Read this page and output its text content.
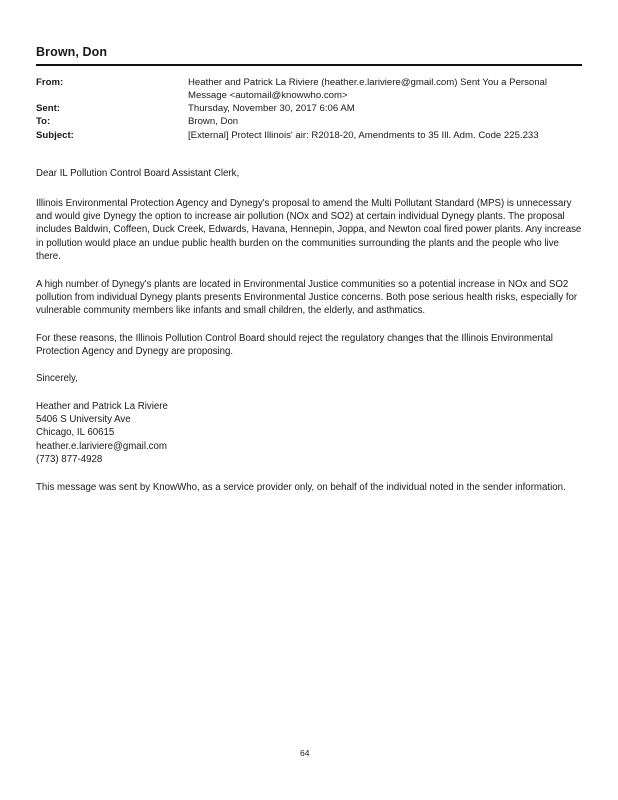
Brown, Don
From:	Heather and Patrick La Riviere (heather.e.lariviere@gmail.com) Sent You a Personal Message <automail@knowwho.com>
Sent:	Thursday, November 30, 2017 6:06 AM
To:	Brown, Don
Subject:	[External] Protect Illinois' air: R2018-20, Amendments to 35 Ill. Adm. Code 225.233
Dear IL Pollution Control Board Assistant Clerk,
Illinois Environmental Protection Agency and Dynegy's proposal to amend the Multi Pollutant Standard (MPS) is unnecessary and would give Dynegy the option to increase air pollution (NOx and SO2) at certain individual Dynegy plants. The proposal includes Baldwin, Coffeen, Duck Creek, Edwards, Havana, Hennepin, Joppa, and Newton coal fired power plants. Any increase in pollution would place an undue public health burden on the communities surrounding the plants and the people who live there.
A high number of Dynegy's plants are located in Environmental Justice communities so a potential increase in NOx and SO2 pollution from individual Dynegy plants presents Environmental Justice concerns. Both pose serious health risks, especially for vulnerable community members like infants and small children, the elderly, and asthmatics.
For these reasons, the Illinois Pollution Control Board should reject the regulatory changes that the Illinois Environmental Protection Agency and Dynegy are proposing.
Sincerely,
Heather and Patrick La Riviere
5406 S University Ave
Chicago, IL 60615
heather.e.lariviere@gmail.com
(773) 877-4928
This message was sent by KnowWho, as a service provider only, on behalf of the individual noted in the sender information.
64
